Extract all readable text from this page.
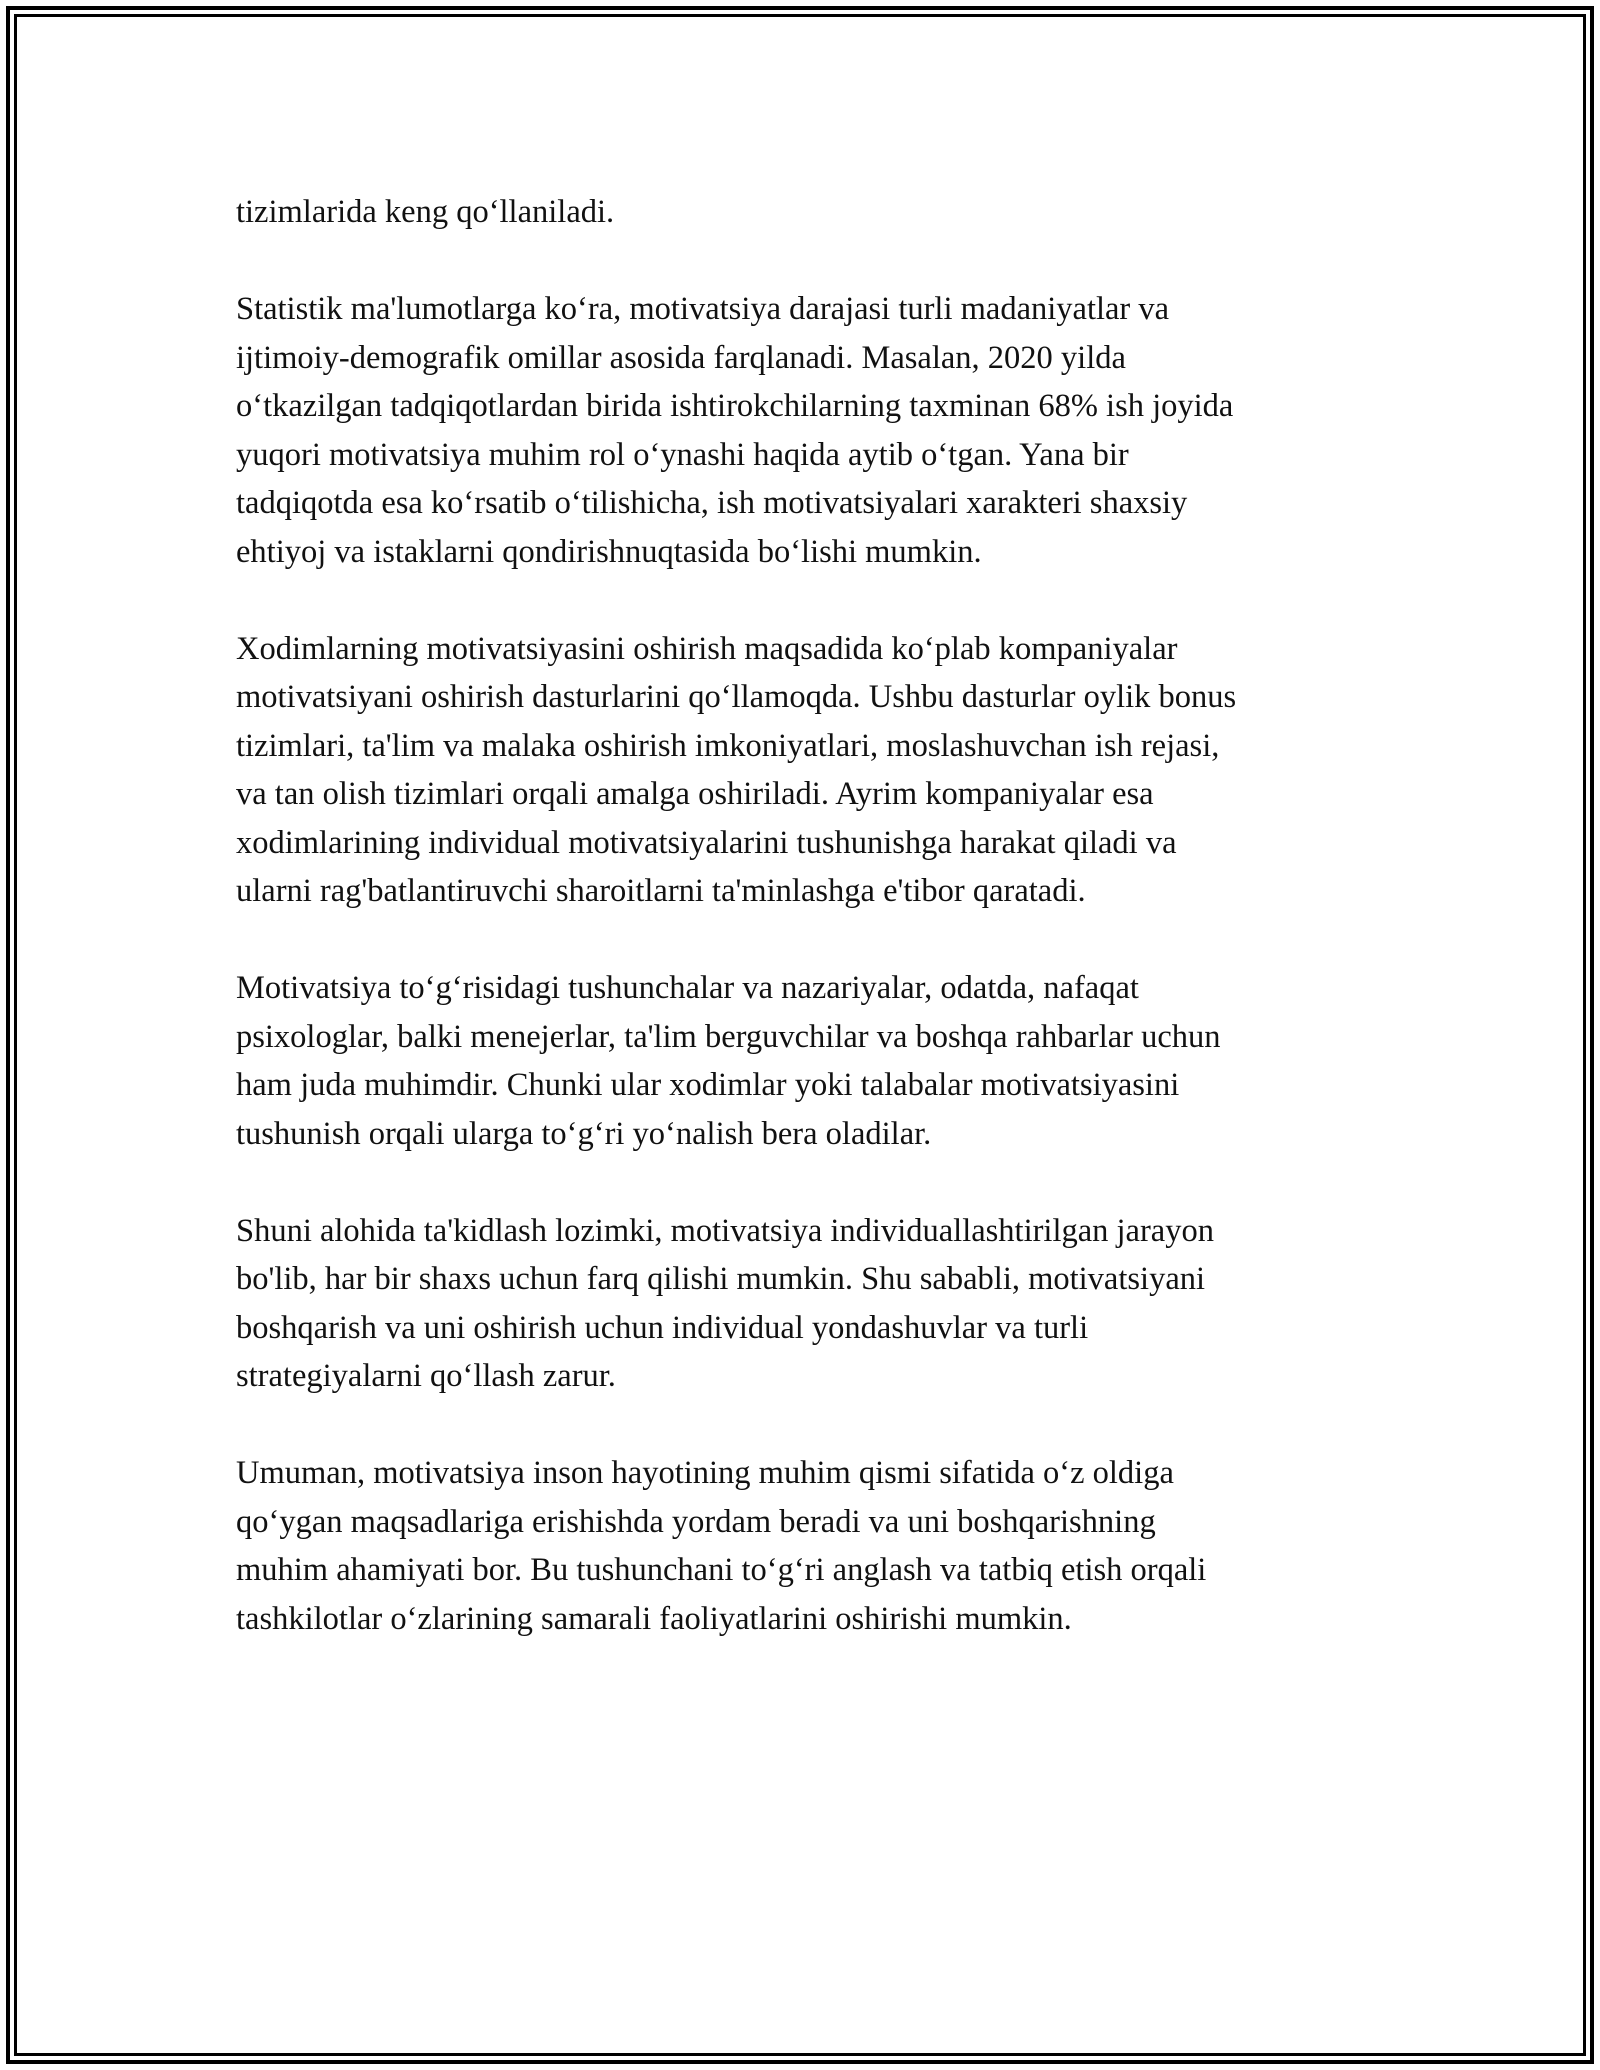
tizimlarida keng qo‘llaniladi.
Statistik ma'lumotlarga ko‘ra, motivatsiya darajasi turli madaniyatlar va
ijtimoiy-demografik omillar asosida farqlanadi. Masalan, 2020 yilda
o‘tkazilgan tadqiqotlardan birida ishtirokchilarning taxminan 68% ish joyida
yuqori motivatsiya muhim rol o‘ynashi haqida aytib o‘tgan. Yana bir
tadqiqotda esa ko‘rsatib o‘tilishicha, ish motivatsiyalari xarakteri shaxsiy
ehtiyoj va istaklarni qondirishnuqtasida bo‘lishi mumkin.
Xodimlarning motivatsiyasini oshirish maqsadida ko‘plab kompaniyalar
motivatsiyani oshirish dasturlarini qo‘llamoqda. Ushbu dasturlar oylik bonus
tizimlari, ta'lim va malaka oshirish imkoniyatlari, moslashuvchan ish rejasi,
va tan olish tizimlari orqali amalga oshiriladi. Ayrim kompaniyalar esa
xodimlarining individual motivatsiyalarini tushunishga harakat qiladi va
ularni rag'batlantiruvchi sharoitlarni ta'minlashga e'tibor qaratadi.
Motivatsiya to‘g‘risidagi tushunchalar va nazariyalar, odatda, nafaqat
psixologlar, balki menejerlar, ta'lim berguvchilar va boshqa rahbarlar uchun
ham juda muhimdir. Chunki ular xodimlar yoki talabalar motivatsiyasini
tushunish orqali ularga to‘g‘ri yo‘nalish bera oladilar.
Shuni alohida ta'kidlash lozimki, motivatsiya individuallashtirilgan jarayon
bo'lib, har bir shaxs uchun farq qilishi mumkin. Shu sababli, motivatsiyani
boshqarish va uni oshirish uchun individual yondashuvlar va turli
strategiyalarni qo‘llash zarur.
Umuman, motivatsiya inson hayotining muhim qismi sifatida o‘z oldiga
qo‘ygan maqsadlariga erishishda yordam beradi va uni boshqarishning
muhim ahamiyati bor. Bu tushunchani to‘g‘ri anglash va tatbiq etish orqali
tashkilotlar o‘zlarining samarali faoliyatlarini oshirishi mumkin.
